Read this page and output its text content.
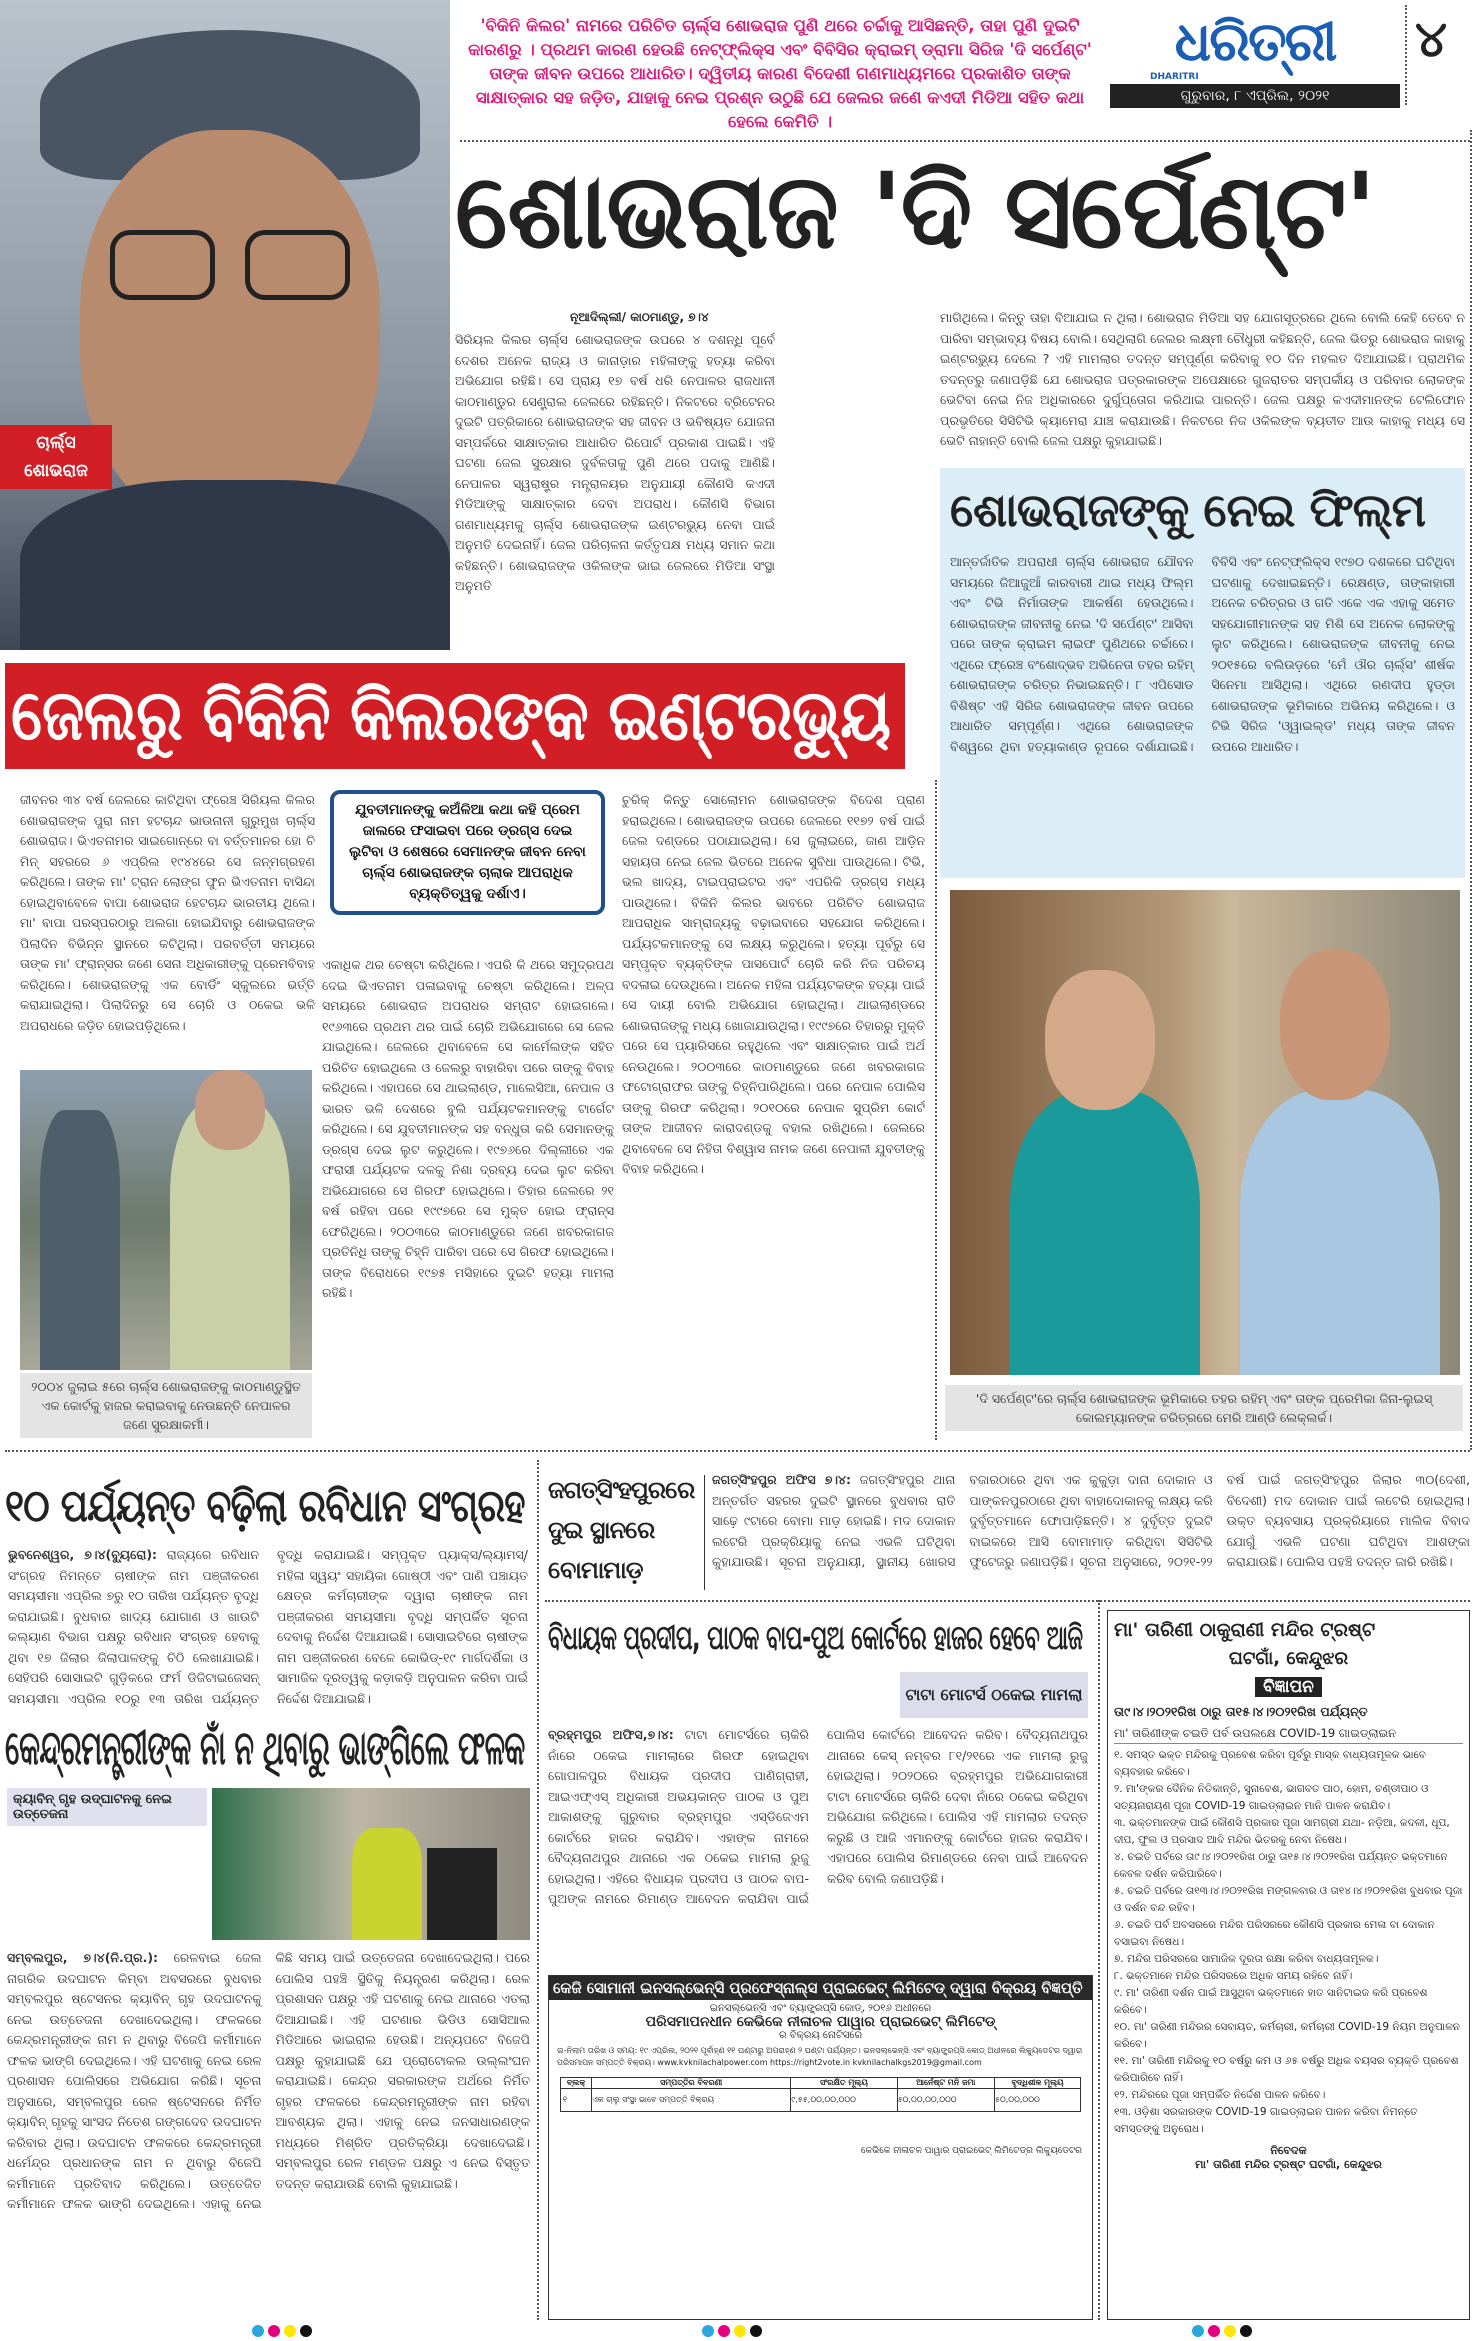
ଚାର୍ଲ୍ସ ଶୋଭରାଜ
'ବିକିନି କିଲର' ନାମରେ ପରିଚିତ ଚାର୍ଲ୍ସ ଶୋଭରାଜ ପୁଣି ଥରେ ଚର୍ଚ୍ଚାକୁ ଆସିଛନ୍ତି, ତାହା ପୁଣି ଦୁଇଟି କାରଣରୁ । ପ୍ରଥମ କାରଣ ହେଉଛି ନେଟ୍‌ଫ୍ଲିକ୍ସ ଏବଂ ବିବିସିର କ୍ରାଇମ୍ ଡ୍ରାମା ସିରିଜ 'ଦି ସର୍ପେଣ୍ଟ' ତାଙ୍କ ଜୀବନ ଉପରେ ଆଧାରିତ। ଦ୍ୱିତୀୟ କାରଣ ବିଦେଶୀ ଗଣମାଧ୍ୟମରେ ପ୍ରକାଶିତ ତାଙ୍କ ସାକ୍ଷାତ୍‌କାର ସହ ଜଡ଼ିତ, ଯାହାକୁ ନେଇ ପ୍ରଶ୍ନ ଉଠୁଛି ଯେ ଜେଲର ଜଣେ କଏଦୀ ମିଡିଆ ସହିତ କଥା ହେଲେ କେମିତି ।
ଧରିତ୍ରୀ
DHARITRI
ଗୁରୁବାର, ୮ ଏପ୍ରିଲ, ୨୦୨୧
୪
ଶୋଭରାଜ 'ଦି ସର୍ପେଣ୍ଟ'
ନୂଆଦିଲ୍ଲୀ/ କାଠମାଣ୍ଡୁ, ୭।୪
ସିରିୟଲ କିଲର ଚାର୍ଲ୍ସ ଶୋଭରାଜଙ୍କ ଉପରେ ୪ ଦଶନ୍ଧି ପୂର୍ବେ ଦେଶର ଅନେକ ରାଜ୍ୟ ଓ କାନାଡ଼ାର ମହିଳାଙ୍କୁ ହତ୍ୟା କରିବା ଅଭିଯୋଗ ରହିଛି। ସେ ପ୍ରାୟ ୧୭ ବର୍ଷ ଧରି ନେପାଳର ରାଜଧାନୀ କାଠମାଣ୍ଡୁର ସେଣ୍ଟ୍ରାଲ ଜେଲରେ ରହିଛନ୍ତି। ନିକଟରେ ବ୍ରିଟେନର ଦୁଇଟି ପତ୍ରିକାରେ ଶୋଭରାଜଙ୍କ ସହ ଜୀବନ ଓ ଭବିଷ୍ୟତ ଯୋଜନା ସମ୍ପର୍କରେ ସାକ୍ଷାତ୍‌କାର ଆଧାରିତ ରିପୋର୍ଟ ପ୍ରକାଶ ପାଇଛି। ଏହି ଘଟଣା ଜେଲ ସୁରକ୍ଷାର ଦୁର୍ବଳତାକୁ ପୁଣି ଥରେ ପଦାକୁ ଆଣିଛି। ନେପାଳର ସ୍ୱରାଷ୍ଟ୍ର ମନ୍ତ୍ରାଳୟର ଅନୁଯାୟୀ କୌଣସି କଏଦୀ ମିଡିଆଙ୍କୁ ସାକ୍ଷାତ୍‌କାର ଦେବା ଅପରାଧ। କୌଣସି ବିଭାଗ ଗଣମାଧ୍ୟମକୁ ଚାର୍ଲ୍ସ ଶୋଭରାଜଙ୍କ ଇଣ୍ଟରଭ୍ୟୁ ନେବା ପାଇଁ ଅନୁମତି ଦେଇନାହିଁ। ଜେଲ ପରିଚାଳନା କର୍ତ୍ତୃପକ୍ଷ ମଧ୍ୟ ସମାନ କଥା କହିଛନ୍ତି। ଶୋଭରାଜଙ୍କ ଓକିଲଙ୍କ ଭାଇ ଜେଲରେ ମିଡିଆ ସଂସ୍ଥା ଅନୁମତି
ମାଗିଥିଲେ। କିନ୍ତୁ ତାହା ବିଆଯାଇ ନ ଥିଲା। ଶୋଭରାଜ ମିଡିଆ ସହ ଯୋଗସୂତ୍ରରେ ଥିଲେ ବୋଲି କେହି ତେବେ ନ ପାରିବା ସମ୍ଭାବ୍ୟ ବିଷୟ ବୋଲି। ସେଥିଲାଗି ଜେଲର ଲକ୍ଷ୍ମୀ ଚୌଧୁରୀ କହିଛନ୍ତି, ଜେଲ ଭିତରୁ ଶୋଭରାଜ କାହାକୁ ଇଣ୍ଟରଭ୍ୟୁ ଦେଲେ ? ଏହି ମାମଲାର ତଦନ୍ତ ସମ୍ପୂର୍ଣ୍ଣ କରିବାକୁ ୧୦ ଦିନ ମହଲତ ଦିଆଯାଇଛି। ପ୍ରାଥମିକ ତଦନ୍ତରୁ ଜଣାପଡ଼ିଛି ଯେ ଶୋଭରାଜ ପତ୍ରକାରଙ୍କ ଅପେକ୍ଷାରେ ଗୁଜରାତର ସମ୍ପର୍କୀୟ ଓ ପରିବାର ଲୋକଙ୍କ ଭେଟିବା ନେଇ ନିଜ ଅଧିକାରରେ ଦୁର୍ଗୁପ୍ତୋଗ କରିଥାଇ ପାରନ୍ତି। ଜେଲ ପକ୍ଷରୁ କଏଦୀମାନଙ୍କ ଟେଲିଫୋନ ପ୍ରଭୃତିରେ ସିସିଟିଭି କ୍ୟାମେରା ଯାଞ୍ଚ କରାଯାଉଛି। ନିକଟରେ ନିଜ ଓକିଲଙ୍କ ବ୍ୟତୀତ ଆଉ କାହାକୁ ମଧ୍ୟ ସେ ଭେଟି ନାହାନ୍ତି ବୋଲି ଜେଲ ପକ୍ଷରୁ କୁହାଯାଇଛି।
ଶୋଭରାଜଙ୍କୁ ନେଇ ଫିଲ୍ମ
ଆନ୍ତର୍ଜାତିକ ଅପରାଧୀ ଚାର୍ଲ୍ସ ଶୋଭରାଜ ଯୌବନ ସମୟରେ ଜିଆଜୁଆଁ କାରବାରୀ ଥାଇ ମଧ୍ୟ ଫିଲ୍ମ ଏବଂ ଟିଭି ନିର୍ମାତାଙ୍କ ଆକର୍ଷଣ ହେଉଥିଲେ। ଶୋଭରାଜଙ୍କ ଜୀବନୀକୁ ନେଇ 'ଦି ସର୍ପେଣ୍ଟ' ଆସିବା ପରେ ତାଙ୍କ କ୍ରାଇମ ଲାଇଫ ପୁଣିଥରେ ଚର୍ଚ୍ଚାରେ। ଏଥିରେ ଫ୍ରେଞ୍ଚ ବଂଶୋଦ୍ଭବ ଅଭିନେତା ତହର ରହିମ୍ ଶୋଭରାଜଙ୍କ ଚରିତ୍ର ନିଭାଇଛନ୍ତି। ୮ ଏପିସୋଡ ବିଶିଷ୍ଟ ଏହି ସିରିଜ ଶୋଭରାଜଙ୍କ ଜୀବନ ଉପରେ ଆଧାରିତ ସମ୍ପୂର୍ଣ୍ଣ। ଏଥିରେ ଶୋଭରାଜଙ୍କ ବିଶ୍ୱରେ ଥିବା ହତ୍ୟାକାଣ୍ଡ ରୂପରେ ଦର୍ଶାଯାଇଛି। ବିବିସି ଏବଂ ନେଟ୍‌ଫ୍ଲିକ୍ସ ୧୯୭୦ ଦଶକରେ ଘଟିଥିବା ଘଟଣାକୁ ଦେଖାଇଛନ୍ତି। ରେକ୍ଷଣ୍ଡ, ତାଙ୍କାହାରୀ ଅନେକ ଚରିତ୍ରର ଓ ଗତି ଏକେ ଏକ ଏହାକୁ ସମେତ ସହଯୋଗୀମାନଙ୍କ ସହ ମିଶି ସେ ଅନେକ ଲୋକଙ୍କୁ ଲୁଟ କରିଥିଲେ। ଶୋଭରାଜଙ୍କ ଜୀବନୀକୁ ନେଇ ୨୦୧୫ରେ ବଲିଉଡ଼ରେ 'ମେଁ ଔର ଚାର୍ଲ୍ସ' ଶୀର୍ଷକ ସିନେମା ଆସିଥିଲା। ଏଥିରେ ରଣଦୀପ ହୁଡ୍ଡା ଶୋଭରାଜଙ୍କ ଭୂମିକାରେ ଅଭିନୟ କରିଥିଲେ। ଓ ଟିଭି ସିରିଜ 'ଓ୍ୱାଇଲ୍ଡ' ମଧ୍ୟ ତାଙ୍କ ଜୀବନ ଉପରେ ଆଧାରିତ।
'ଦି ସର୍ପେଣ୍ଟ'ରେ ଚାର୍ଲ୍ସ ଶୋଭରାଜଙ୍କ ଭୂମିକାରେ ତହର ରହିମ୍ ଏବଂ ତାଙ୍କ ପ୍ରେମିକା ଜିନା-ଲୁଇସ୍ କୋଲମ୍ୟାନଙ୍କ ଚରିତ୍ରରେ ମେରି ଆଣ୍ଡି ଲେକ୍ଲର୍କ।
ଜେଲରୁ ବିକିନି କିଲରଙ୍କ ଇଣ୍ଟରଭ୍ୟୁ
ଜୀବନର ୩୪ ବର୍ଷ ଜେଲରେ କାଟିଥିବା ଫ୍ରେଞ୍ଚ ସିରିୟଲ କିଲର ଶୋଭରାଜଙ୍କ ପୁରା ନାମ ହଟଚାନ୍ଦ ଭାଉନାନୀ ଗୁରୁମୁଖ ଚାର୍ଲ୍ସ ଶୋଭରାଜ। ଭିଏତନାମର ସାଇଗୋନ୍‌ରେ ବା ବର୍ତ୍ତମାନର ହୋ ଚି ମିନ୍ ସହରରେ ୬ ଏପ୍ରିଲ ୧୯୪୪ରେ ସେ ଜନ୍ମଗ୍ରହଣ କରିଥିଲେ। ତାଙ୍କ ମା' ଟ୍ରାନ ଲୋଙ୍ଗ ଫୁନ ଭିଏତନାମ ବାସିନ୍ଦା ହୋଇଥିବାବେଳେ ବାପା ଶୋଭରାଜ ହେଟଚାନ୍ଦ ଭାରତୀୟ ଥିଲେ। ମା' ବାପା ପରସ୍ପରଠାରୁ ଅଲଗା ହୋଇଯିବାରୁ ଶୋଭରାଜଙ୍କ ପିଲାଦିନ ବିଭିନ୍ନ ସ୍ଥାନରେ କଟିଥିଲା। ପରବର୍ତ୍ତୀ ସମୟରେ ତାଙ୍କ ମା' ଫ୍ରାନ୍ସର ଜଣେ ସେନା ଅଧିକାରୀଙ୍କୁ ପ୍ରେମବିବାହ କରିଥିଲେ। ଶୋଭରାଜଙ୍କୁ ଏକ ବୋର୍ଡିଂ ସ୍କୁଲରେ ଭର୍ତ୍ତି କରାଯାଇଥିଲା। ପିଲାଦିନରୁ ସେ ଚୋରି ଓ ଠକେଇ ଭଳି ଅପରାଧରେ ଜଡ଼ିତ ହୋଇପଡ଼ିଥିଲେ।
୨୦୦୪ ଜୁଲାଇ ୫ରେ ଚାର୍ଲ୍ସ ଶୋଭରାଜଙ୍କୁ କାଠମାଣ୍ଡୁସ୍ଥିତ ଏକ କୋର୍ଟକୁ ହାଜର କରାଇବାକୁ ନେଉଛନ୍ତି ନେପାଳର ଜଣେ ସୁରକ୍ଷାକର୍ମୀ।
ଯୁବତୀମାନଙ୍କୁ କଅଁଳିଆ କଥା କହି ପ୍ରେମ ଜାଲରେ ଫସାଇବା ପରେ ଡ୍ରଗ୍ସ ଦେଇ ଲୁଟିବା ଓ ଶେଷରେ ସେମାନଙ୍କ ଜୀବନ ନେବା ଚାର୍ଲ୍ସ ଶୋଭରାଜଙ୍କ ଚାଲାକ ଆପରାଧିକ ବ୍ୟକ୍ତିତ୍ୱକୁ ଦର୍ଶାଏ।
ଏକାଧିକ ଥର ଚେଷ୍ଟା କରିଥିଲେ। ଏପରି କି ଥରେ ସମୁଦ୍ରପଥ ଦେଇ ଭିଏତନାମ ପଳାଇବାକୁ ଚେଷ୍ଟା କରିଥିଲେ। ଅଳ୍ପ ସମୟରେ ଶୋଭରାଜ ଅପରାଧର ସମ୍ରାଟ ହୋଇଗଲେ। ୧୯୬୩ରେ ପ୍ରଥମ ଥର ପାଇଁ ଚୋରି ଅଭିଯୋଗରେ ସେ ଜେଲ ଯାଇଥିଲେ। ଜେଲରେ ଥିବାବେଳେ ସେ କାର୍ମେଲଙ୍କ ସହିତ ପରିଚିତ ହୋଇଥିଲେ ଓ ଜେଲରୁ ବାହାରିବା ପରେ ତାଙ୍କୁ ବିବାହ କରିଥିଲେ। ଏହାପରେ ସେ ଥାଇଲାଣ୍ଡ, ମାଲେସିଆ, ନେପାଳ ଓ ଭାରତ ଭଳି ଦେଶରେ ବୁଲି ପର୍ଯ୍ୟଟକମାନଙ୍କୁ ଟାର୍ଗେଟ କରିଥିଲେ। ସେ ଯୁବତୀମାନଙ୍କ ସହ ବନ୍ଧୁତା କରି ସେମାନଙ୍କୁ ଡ୍ରଗ୍ସ ଦେଇ ଲୁଟ କରୁଥିଲେ। ୧୯୭୬ରେ ଦିଲ୍ଲୀରେ ଏକ ଫରାସୀ ପର୍ଯ୍ୟଟକ ଦଳକୁ ନିଶା ଦ୍ରବ୍ୟ ଦେଇ ଲୁଟ କରିବା ଅଭିଯୋଗରେ ସେ ଗିରଫ ହୋଇଥିଲେ। ତିହାର ଜେଲରେ ୨୧ ବର୍ଷ ରହିବା ପରେ ୧୯୯୭ରେ ସେ ମୁକ୍ତ ହୋଇ ଫ୍ରାନ୍ସ ଫେରିଥିଲେ। ୨୦୦୩ରେ କାଠମାଣ୍ଡୁରେ ଜଣେ ଖବରକାଗଜ ପ୍ରତିନିଧି ତାଙ୍କୁ ଚିହ୍ନି ପାରିବା ପରେ ସେ ଗିରଫ ହୋଇଥିଲେ। ତାଙ୍କ ବିରୋଧରେ ୧୯୭୫ ମସିହାରେ ଦୁଇଟି ହତ୍ୟା ମାମଲା ରହିଛି।
ଚୁରିକ୍ କିନ୍ତୁ ସୋଲୋମନ ଶୋଭରାଜଙ୍କ ବିଦେଶ ପ୍ରାଣ ହରାଇଥିଲେ। ଶୋଭରାଜଙ୍କ ଉପରେ ଜେଲରେ ୧୧୭୨ ବର୍ଷ ପାଇଁ ଜେଲ ଦଣ୍ଡରେ ପଠାଯାଇଥିଲା। ସେ ଜୁଲାଇରେ, ଜାଣ ଆଡ଼ିନ ସହାୟତା ନେଇ ଜେଲ ଭିତରେ ଅନେକ ସୁବିଧା ପାଉଥିଲେ। ଟିଭି, ଭଲ ଖାଦ୍ୟ, ଟାଇପ୍‌ରାଇଟର ଏବଂ ଏପରିକି ଡ୍ରଗ୍ସ ମଧ୍ୟ ପାଉଥିଲେ। ବିକିନି କିଲର ଭାବରେ ପରିଚିତ ଶୋଭରାଜ ଆପରାଧିକ ସାମ୍ରାଜ୍ୟକୁ ବଢ଼ାଇବାରେ ସହଯୋଗ କରିଥିଲେ। ପର୍ଯ୍ୟଟକମାନଙ୍କୁ ସେ ଲକ୍ଷ୍ୟ କରୁଥିଲେ। ହତ୍ୟା ପୂର୍ବରୁ ସେ ସମ୍ପୃକ୍ତ ବ୍ୟକ୍ତିଙ୍କ ପାସପୋର୍ଟ ଚୋରି କରି ନିଜ ପରିଚୟ ବଦଳାଇ ଦେଉଥିଲେ। ଅନେକ ମହିଳା ପର୍ଯ୍ୟଟକଙ୍କ ହତ୍ୟା ପାଇଁ ସେ ଦାୟୀ ବୋଲି ଅଭିଯୋଗ ହୋଇଥିଲା। ଥାଇଲାଣ୍ଡରେ ଶୋଭରାଜଙ୍କୁ ମଧ୍ୟ ଖୋଜାଯାଉଥିଲା। ୧୯୯୭ରେ ତିହାରରୁ ମୁକ୍ତି ପରେ ସେ ପ୍ୟାରିସରେ ରହୁଥିଲେ ଏବଂ ସାକ୍ଷାତ୍‌କାର ପାଇଁ ଅର୍ଥ ନେଉଥିଲେ। ୨୦୦୩ରେ କାଠମାଣ୍ଡୁରେ ଜଣେ ଖବରକାଗଜ ଫଟୋଗ୍ରାଫର ତାଙ୍କୁ ଚିହ୍ନିପାରିଥିଲେ। ପରେ ନେପାଳ ପୋଲିସ ତାଙ୍କୁ ଗିରଫ କରିଥିଲା। ୨୦୧୦ରେ ନେପାଳ ସୁପ୍ରିମ କୋର୍ଟ ତାଙ୍କ ଆଜୀବନ କାରାଦଣ୍ଡକୁ ବହାଲ ରଖିଥିଲେ। ଜେଲରେ ଥିବାବେଳେ ସେ ନିହିତା ବିଶ୍ୱାସ ନାମକ ଜଣେ ନେପାଳୀ ଯୁବତୀଙ୍କୁ ବିବାହ କରିଥିଲେ।
୧୦ ପର୍ଯ୍ୟନ୍ତ ବଢ଼ିଲା ରବିଧାନ ସଂଗ୍ରହ
ଭୁବନେଶ୍ୱର, ୭।୪(ବ୍ୟୁରୋ): ରାଜ୍ୟରେ ରବିଧାନ ସଂଗ୍ରହ ନିମନ୍ତେ ଚାଷୀଙ୍କ ନାମ ପଞ୍ଜୀକରଣ ସମୟସୀମା ଏପ୍ରିଲ ୭ରୁ ୧୦ ତାରିଖ ପର୍ଯ୍ୟନ୍ତ ବୃଦ୍ଧି କରାଯାଇଛି। ବୁଧବାର ଖାଦ୍ୟ ଯୋଗାଣ ଓ ଖାଉଟି କଲ୍ୟାଣ ବିଭାଗ ପକ୍ଷରୁ ରବିଧାନ ସଂଗ୍ରହ ହେବାକୁ ଥିବା ୧୭ ଜିଲାର ଜିଲାପାଳଙ୍କୁ ଚିଠି ଲେଖାଯାଇଛି। ସେହିପରି ସୋସାଇଟି ଗୁଡ଼ିକରେ ଫର୍ମ ଡିଜିଟାଇଜେସନ୍ ସମୟସୀମା ଏପ୍ରିଲ ୧୦ରୁ ୧୩ ତାରିଖ ପର୍ଯ୍ୟନ୍ତ ବୃଦ୍ଧି କରାଯାଇଛି। ସମ୍ପୃକ୍ତ ପ୍ୟାକ୍ସ/ଲ୍ୟାମସ୍/ମହିଳା ସ୍ୱୟଂ ସହାୟିକା ଗୋଷ୍ଠୀ ଏବଂ ପାଣି ପଞ୍ଚାୟତ କ୍ଷେତ୍ର କର୍ମଚାରୀଙ୍କ ଦ୍ୱାରା ଚାଷୀଙ୍କ ନାମ ପଞ୍ଜୀକରଣ ସମୟସୀମା ବୃଦ୍ଧି ସମ୍ପର୍କିତ ସୂଚନା ଦେବାକୁ ନିର୍ଦ୍ଦେଶ ଦିଆଯାଇଛି। ସୋସାଇଟିରେ ଚାଷୀଙ୍କ ନାମ ପଞ୍ଜୀକରଣ ବେଳେ କୋଭିଡ୍-୧୯ ମାର୍ଗଦର୍ଶିକା ଓ ସାମାଜିକ ଦୂରତ୍ୱକୁ କଡ଼ାକଡ଼ି ଅନୁପାଳନ କରିବା ପାଇଁ ନିର୍ଦ୍ଦେଶ ଦିଆଯାଇଛି।
ଜଗତ୍‌ସିଂହପୁରରେ ଦୁଇ ସ୍ଥାନରେ ବୋମାମାଡ଼
ଜଗତ୍‌ସିଂହପୁର ଅଫିସ ୭।୪: ଜଗତ୍‌ସିଂହପୁର ଥାନା ଅନ୍ତର୍ଗତ ସହରର ଦୁଇଟି ସ୍ଥାନରେ ବୁଧବାର ରାତି ସାଢ଼େ ୯ଟାରେ ବୋମା ମାଡ଼ ହୋଇଛି। ମଦ ଦୋକାନ ଲଟେରି ପ୍ରକ୍ରିୟାକୁ ନେଇ ଏଭଳି ଘଟିଥିବା କୁହାଯାଉଛି। ସୂଚନା ଅନୁଯାୟୀ, ସ୍ଥାନୀୟ ଖୋରସ ବଜାରଠାରେ ଥିବା ଏକ କୁକୁଡ଼ା ଦାନା ଦୋକାନ ଓ ପାଙ୍କନପୁରଠାରେ ଥିବା ବାହାଦୋକାନକୁ ଲକ୍ଷ୍ୟ କରି ଦୁର୍ବୃତ୍ତମାନେ ଫୋପାଡ଼ିଛନ୍ତି। ୪ ଦୁର୍ବୃତ୍ତ ଦୁଇଟି ବାଇକରେ ଆସି ବୋମାମାଡ଼ କରିଥିବା ସିସିଟିଭି ଫୁଟେଜରୁ ଜଣାପଡ଼ିଛି। ସୂଚନା ଅନୁସାରେ, ୨୦୨୧-୨୨ ବର୍ଷ ପାଇଁ ଜଗତ୍‌ସିଂହପୁର ଜିଲାର ୩୦(ଦେଶୀ, ବିଦେଶୀ) ମଦ ଦୋକାନ ପାଇଁ ଲଟେରି ହୋଇଥିଲା। ଉକ୍ତ ବ୍ୟବସାୟ ପ୍ରକ୍ରିୟାରେ ମାଲିକ ବିବାଦ ଯୋଗୁଁ ଏଭଳି ଘଟଣା ଘଟିଥିବା ଆଶଙ୍କା କରାଯାଉଛି। ପୋଲିସ ପହଞ୍ଚି ତଦନ୍ତ ଜାରି ରଖିଛି।
ବିଧାୟକ ପ୍ରଦୀପ, ପାଠକ ବାପ-ପୁଅ କୋର୍ଟରେ ହାଜର ହେବେ ଆଜି
ଟାଟା ମୋଟର୍ସ ଠକେଇ ମାମଲା
ବ୍ରହ୍ମପୁର ଅଫିସ,୭।୪: ଟାଟା ମୋଟର୍ସରେ ଚାକିରି ନାଁରେ ଠକେଇ ମାମଲାରେ ଗିରଫ ହୋଇଥିବା ଗୋପାଳପୁର ବିଧାୟକ ପ୍ରଦୀପ ପାଣିଗ୍ରାହୀ, ଆଇଏଫ୍‌ଏସ୍ ଅଧିକାରୀ ଅଭୟକାନ୍ତ ପାଠକ ଓ ପୁଅ ଆକାଶଙ୍କୁ ଗୁରୁବାର ବ୍ରହ୍ମପୁର ଏସ୍‌ଡିଜେଏମ କୋର୍ଟରେ ହାଜର କରାଯିବ। ଏହାଙ୍କ ନାମରେ ବୈଦ୍ୟନାଥପୁର ଥାନାରେ ଏକ ଠକେଇ ମାମଲା ରୁଜୁ ହୋଇଥିଲା। ଏହିରେ ବିଧାୟକ ପ୍ରଦୀପ ଓ ପାଠକ ବାପ-ପୁଅଙ୍କ ନାମରେ ରିମାଣ୍ଡ ଆବେଦନ କରାଯିବା ପାଇଁ ପୋଲିସ କୋର୍ଟରେ ଆବେଦନ କରିବ। ବୈଦ୍ୟନାଥପୁର ଥାନାରେ କେସ୍ ନମ୍ବର ୮୧/୨୧ରେ ଏକ ମାମଲା ରୁଜୁ ହୋଇଥିଲା। ୨୦୨୦ରେ ବ୍ରହ୍ମପୁର ଅଭିଯୋଗକାରୀ ଟାଟା ମୋଟର୍ସରେ ଚାକିରି ଦେବା ନାଁରେ ଠକେଇ କରିଥିବା ଅଭିଯୋଗ କରିଥିଲେ। ପୋଲିସ ଏହି ମାମଲାର ତଦନ୍ତ କରୁଛି ଓ ଆଜି ଏମାନଙ୍କୁ କୋର୍ଟରେ ହାଜର କରାଯିବ। ଏହାପରେ ପୋଲିସ ରିମାଣ୍ଡରେ ନେବା ପାଇଁ ଆବେଦନ କରିବ ବୋଲି ଜଣାପଡ଼ିଛି।
କେନ୍ଦ୍ରମନ୍ତ୍ରୀଙ୍କ ନାଁ ନ ଥିବାରୁ ଭାଙ୍ଗିଲେ ଫଳକ
କ୍ୟାବିନ୍ ଗୃହ ଉଦ୍‌ଘାଟନକୁ ନେଇ ଉତ୍ତେଜନା
ସମ୍ବଲପୁର, ୭।୪(ନି.ପ୍ର.): ରେଳବାଇ ଜେଲ ନାଗରିକ ଉଦଘାଟନ କିମ୍ବା ଅବସରରେ ବୁଧବାର ସମ୍ବଲପୁର ଷ୍ଟେସନର କ୍ୟାବିନ୍ ଗୃହ ଉଦଘାଟନକୁ ନେଇ ଉତ୍ତେଜନା ଦେଖାଦେଇଥିଲା। ଫଳକରେ କେନ୍ଦ୍ରମନ୍ତ୍ରୀଙ୍କ ନାମ ନ ଥିବାରୁ ବିଜେପି କର୍ମୀମାନେ ଫଳକ ଭାଙ୍ଗି ଦେଇଥିଲେ। ଏହି ଘଟଣାକୁ ନେଇ ରେଳ ପ୍ରଶାସନ ପୋଲିସରେ ଅଭିଯୋଗ କରିଛି। ସୂଚନା ଅନୁସାରେ, ସମ୍ବଲପୁର ରେଳ ଷ୍ଟେସନରେ ନିର୍ମିତ କ୍ୟାବିନ୍ ଗୃହକୁ ସାଂସଦ ନିତେଶ ଗଙ୍ଗଦେବ ଉଦଘାଟନ କରିବାର ଥିଲା। ଉଦଘାଟନ ଫଳକରେ କେନ୍ଦ୍ରମନ୍ତ୍ରୀ ଧର୍ମେନ୍ଦ୍ର ପ୍ରଧାନଙ୍କ ନାମ ନ ଥିବାରୁ ବିଜେପି କର୍ମୀମାନେ ପ୍ରତିବାଦ କରିଥିଲେ। ଉତ୍ତେଜିତ କର୍ମୀମାନେ ଫଳକ ଭାଙ୍ଗି ଦେଇଥିଲେ। ଏହାକୁ ନେଇ କିଛି ସମୟ ପାଇଁ ଉତ୍ତେଜନା ଦେଖାଦେଇଥିଲା। ପରେ ପୋଲିସ ପହଞ୍ଚି ସ୍ଥିତିକୁ ନିୟନ୍ତ୍ରଣ କରିଥିଲା। ରେଳ ପ୍ରଶାସନ ପକ୍ଷରୁ ଏହି ଘଟଣାକୁ ନେଇ ଥାନାରେ ଏତଲା ଦିଆଯାଇଛି। ଏହି ଘଟଣାର ଭିଡିଓ ସୋସିଆଲ ମିଡିଆରେ ଭାଇରାଲ ହେଉଛି। ଅନ୍ୟପଟେ ବିଜେପି ପକ୍ଷରୁ କୁହାଯାଇଛି ଯେ ପ୍ରୋଟୋକଲ ଉଲ୍ଲଂଘନ କରାଯାଇଛି। କେନ୍ଦ୍ର ସରକାରଙ୍କ ଅର୍ଥରେ ନିର୍ମିତ ଗୃହର ଫଳକରେ କେନ୍ଦ୍ରମନ୍ତ୍ରୀଙ୍କ ନାମ ରହିବା ଆବଶ୍ୟକ ଥିଲା। ଏହାକୁ ନେଇ ଜନସାଧାରଣଙ୍କ ମଧ୍ୟରେ ମିଶ୍ରିତ ପ୍ରତିକ୍ରିୟା ଦେଖାଦେଇଛି। ସମ୍ବଲପୁର ରେଳ ମଣ୍ଡଳ ପକ୍ଷରୁ ଏ ନେଇ ବିସ୍ତୃତ ତଦନ୍ତ କରାଯାଉଛି ବୋଲି କୁହାଯାଇଛି।
କେଜି ସୋମାନୀ ଇନସଲ୍‌ଭେନ୍ସି ପ୍ରଫେସ୍‌ନାଲ୍ସ ପ୍ରାଇଭେଟ୍ ଲିମିଟେଡ୍ ଦ୍ୱାରା ବିକ୍ରୟ ବିଜ୍ଞପ୍ତି
ଇନସଲ୍‌ଭେନ୍ସି ଏବଂ ବ୍ୟାଙ୍କ୍ରପ୍ସି କୋଡ୍, ୨୦୧୬ ଅଧୀନରେ
ପରିସମାପନଧୀନ କେଭିକେ ନୀଳାଚଳ ପାୱାର ପ୍ରାଇଭେଟ୍ ଲିମିଟେଡ୍
ର ବିକ୍ରୟ ନୋଟିସରେ
ଇ-ନିଲାମ ତାରିଖ ଓ ସମୟ: ୧୯ ଏପ୍ରିଲ, ୨୦୨୧ ପୂର୍ବାହ୍ଣ ୧୧ ଘଣ୍ଟାରୁ ଅପରାହ୍ଣ ୨ ଘଣ୍ଟା ପର୍ଯ୍ୟନ୍ତ। ଇନସଲ୍‌ଭେନ୍ସି ଏବଂ ବ୍ୟାଙ୍କ୍ରପ୍ସି କୋଡ୍ ଅଧୀନରେ ଲିକ୍ୟୁଡେଟର ଦ୍ୱାରା ପରିସମାପନ ସମ୍ପତ୍ତି ବିକ୍ରୟ। www.kvknilachalpower.com https://right2vote.in kvknilachalkgs2019@gmail.com
ବ୍ଲକ୍	ସମ୍ପତ୍ତିର ବିବରଣୀ	ସଂରକ୍ଷିତ ମୂଲ୍ୟ	ଆର୍ନେଷ୍ଟ ମନି ଜମା	ବୃଦ୍ଧିଶୀଳ ମୂଲ୍ୟ
୧	ଏକ ଚାଲୁ ସଂସ୍ଥା ଭାବେ ସମ୍ପତ୍ତି ବିକ୍ରୟ	୯,୫୫,୦୦,୦୦,୦୦୦	୫୦,୦୦,୦୦,୦୦୦	୫୦,୦୦,୦୦୦
କେଭିକେ ନୀଳାଚଳ ପାୱାର ପ୍ରାଇଭେଟ୍ ଲିମିଟେଡ୍‌ର ଲିକ୍ୟୁଡେଟର
ମା' ତାରିଣୀ ଠାକୁରାଣୀ ମନ୍ଦିର ଟ୍ରଷ୍ଟ
ଘଟଗାଁ, କେନ୍ଦୁଝର
ବିଜ୍ଞାପନ
ତା୯।୪।୨୦୨୧ରିଖ ଠାରୁ ତା୧୫।୪।୨୦୨୧ରିଖ ପର୍ଯ୍ୟନ୍ତ
ମା' ତାରିଣୀଙ୍କ ଚଇତି ପର୍ବ ଉପଲକ୍ଷେ COVID-19 ଗାଇଡ୍‌ଲାଇନ
୧. ସମସ୍ତ ଭକ୍ତ ମନ୍ଦିରକୁ ପ୍ରବେଶ କରିବା ପୂର୍ବରୁ ମାସ୍କ ବାଧ୍ୟତାମୂଳକ ଭାବେ ବ୍ୟବହାର କରିବେ।
୨. ମା'ଙ୍କର ଦୈନିକ ନିତିକାନ୍ତି, ସୁନାବେଶ, ଭାଗବତ ପାଠ, ହୋମ, ଚଣ୍ଡୀପାଠ ଓ ସତ୍ୟନାରାୟଣ ପୂଜା COVID-19 ଗାଇଡ୍‌ଲାଇନ ମାନି ପାଳନ କରାଯିବ।
୩. ଭକ୍ତମାନଙ୍କ ପାଇଁ କୌଣସି ପ୍ରକାର ପୂଜା ସାମଗ୍ରୀ ଯଥା- ନଡ଼ିଆ, କଦଳୀ, ଧୂପ, ଦୀପ, ଫୁଲ ଓ ପ୍ରସାଦ ଆଦି ମନ୍ଦିର ଭିତରକୁ ନେବା ନିଷେଧ।
୪. ଚଇତି ପର୍ବରେ ତା୯।୪।୨୦୨୧ରିଖ ଠାରୁ ତା୧୫।୪।୨୦୨୧ରିଖ ପର୍ଯ୍ୟନ୍ତ ଭକ୍ତମାନେ କେବଳ ଦର୍ଶନ କରିପାରିବେ।
୫. ଚଇତି ପର୍ବରେ ତା୧୩।୪।୨୦୨୧ରିଖ ମଙ୍ଗଳବାର ଓ ତା୧୪।୪।୨୦୨୧ରିଖ ବୁଧବାର ପୂଜା ଓ ଦର୍ଶନ ବନ୍ଦ ରହିବ।
୬. ଚଇତି ପର୍ବ ଅବସରରେ ମନ୍ଦିର ପରିସରରେ କୌଣସି ପ୍ରକାର ମେଳା ବା ଦୋକାନ ବସାଇବା ନିଷେଧ।
୭. ମନ୍ଦିର ପରିସରରେ ସାମାଜିକ ଦୂରତା ରକ୍ଷା କରିବା ବାଧ୍ୟତାମୂଳକ।
୮. ଭକ୍ତମାନେ ମନ୍ଦିର ପରିସରରେ ଅଧିକ ସମୟ ରହିବେ ନାହିଁ।
୯. ମା' ତାରିଣୀ ଦର୍ଶନ ପାଇଁ ଆସୁଥିବା ଭକ୍ତମାନେ ହାତ ସାନିଟାଇଜ କରି ପ୍ରବେଶ କରିବେ।
୧୦. ମା' ତାରିଣୀ ମନ୍ଦିରର ସେବାୟତ, କର୍ମଚାରୀ, କର୍ମଚାରୀ COVID-19 ନିୟମ ଅନୁପାଳନ କରିବେ।
୧୧. ମା' ତାରିଣୀ ମନ୍ଦିରକୁ ୧୦ ବର୍ଷରୁ କମ ଓ ୬୫ ବର୍ଷରୁ ଅଧିକ ବୟସର ବ୍ୟକ୍ତି ପ୍ରବେଶ କରିପାରିବେ ନାହିଁ।
୧୨. ମନ୍ଦିରରେ ପୂଜା ସମ୍ପର୍କିତ ନିର୍ଦ୍ଦେଶ ପାଳନ କରିବେ।
୧୩. ଓଡ଼ିଶା ସରକାରଙ୍କ COVID-19 ଗାଇଡ୍‌ଲାଇନ ପାଳନ କରିବା ନିମନ୍ତେ ସମସ୍ତଙ୍କୁ ଅନୁରୋଧ।
ନିବେଦକ
ମା' ତାରିଣୀ ମନ୍ଦିର ଟ୍ରଷ୍ଟ ଘଟଗାଁ, କେନ୍ଦୁଝର
